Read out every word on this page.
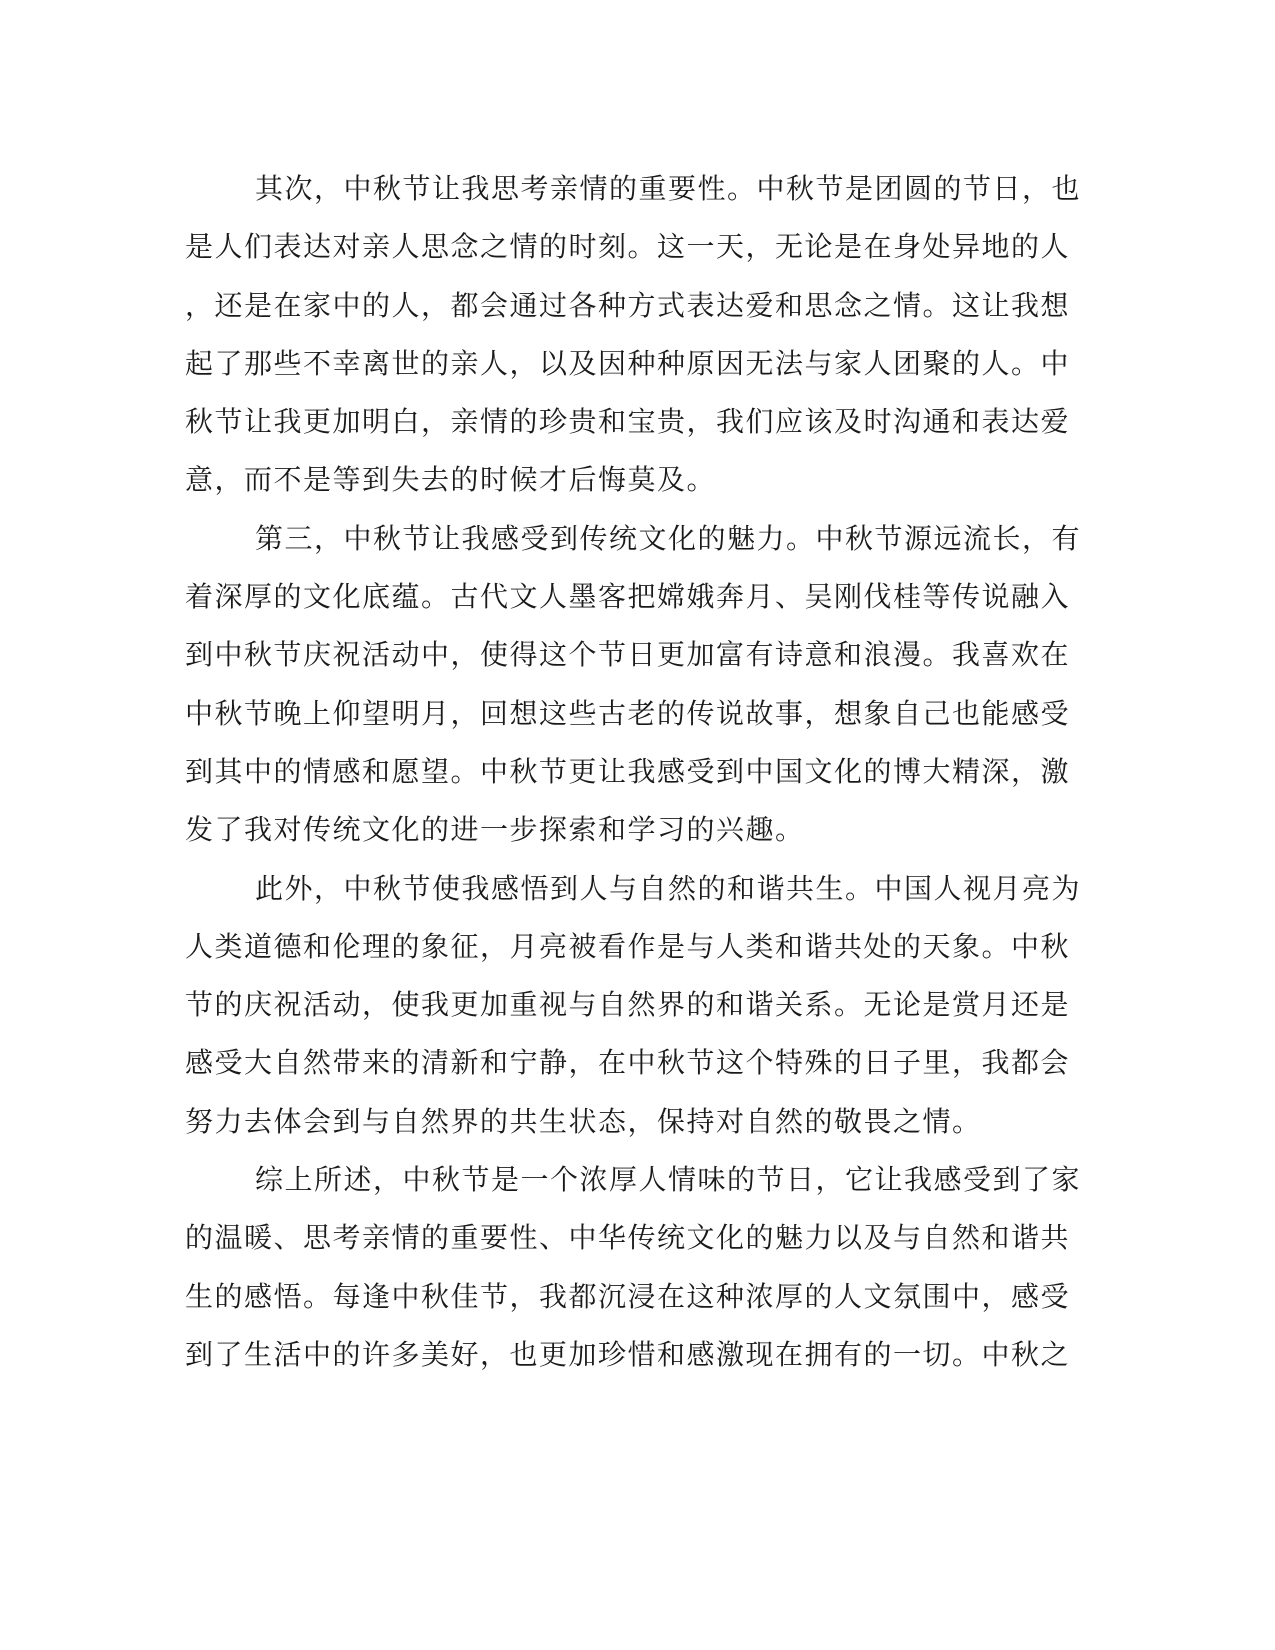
其次，中秋节让我思考亲情的重要性。中秋节是团圆的节日，也
是人们表达对亲人思念之情的时刻。这一天，无论是在身处异地的人
，还是在家中的人，都会通过各种方式表达爱和思念之情。这让我想
起了那些不幸离世的亲人，以及因种种原因无法与家人团聚的人。中
秋节让我更加明白，亲情的珍贵和宝贵，我们应该及时沟通和表达爱
意，而不是等到失去的时候才后悔莫及。
第三，中秋节让我感受到传统文化的魅力。中秋节源远流长，有
着深厚的文化底蕴。古代文人墨客把嫦娥奔月、吴刚伐桂等传说融入
到中秋节庆祝活动中，使得这个节日更加富有诗意和浪漫。我喜欢在
中秋节晚上仰望明月，回想这些古老的传说故事，想象自己也能感受
到其中的情感和愿望。中秋节更让我感受到中国文化的博大精深，激
发了我对传统文化的进一步探索和学习的兴趣。
此外，中秋节使我感悟到人与自然的和谐共生。中国人视月亮为
人类道德和伦理的象征，月亮被看作是与人类和谐共处的天象。中秋
节的庆祝活动，使我更加重视与自然界的和谐关系。无论是赏月还是
感受大自然带来的清新和宁静，在中秋节这个特殊的日子里，我都会
努力去体会到与自然界的共生状态，保持对自然的敬畏之情。
综上所述，中秋节是一个浓厚人情味的节日，它让我感受到了家
的温暖、思考亲情的重要性、中华传统文化的魅力以及与自然和谐共
生的感悟。每逢中秋佳节，我都沉浸在这种浓厚的人文氛围中，感受
到了生活中的许多美好，也更加珍惜和感激现在拥有的一切。中秋之
